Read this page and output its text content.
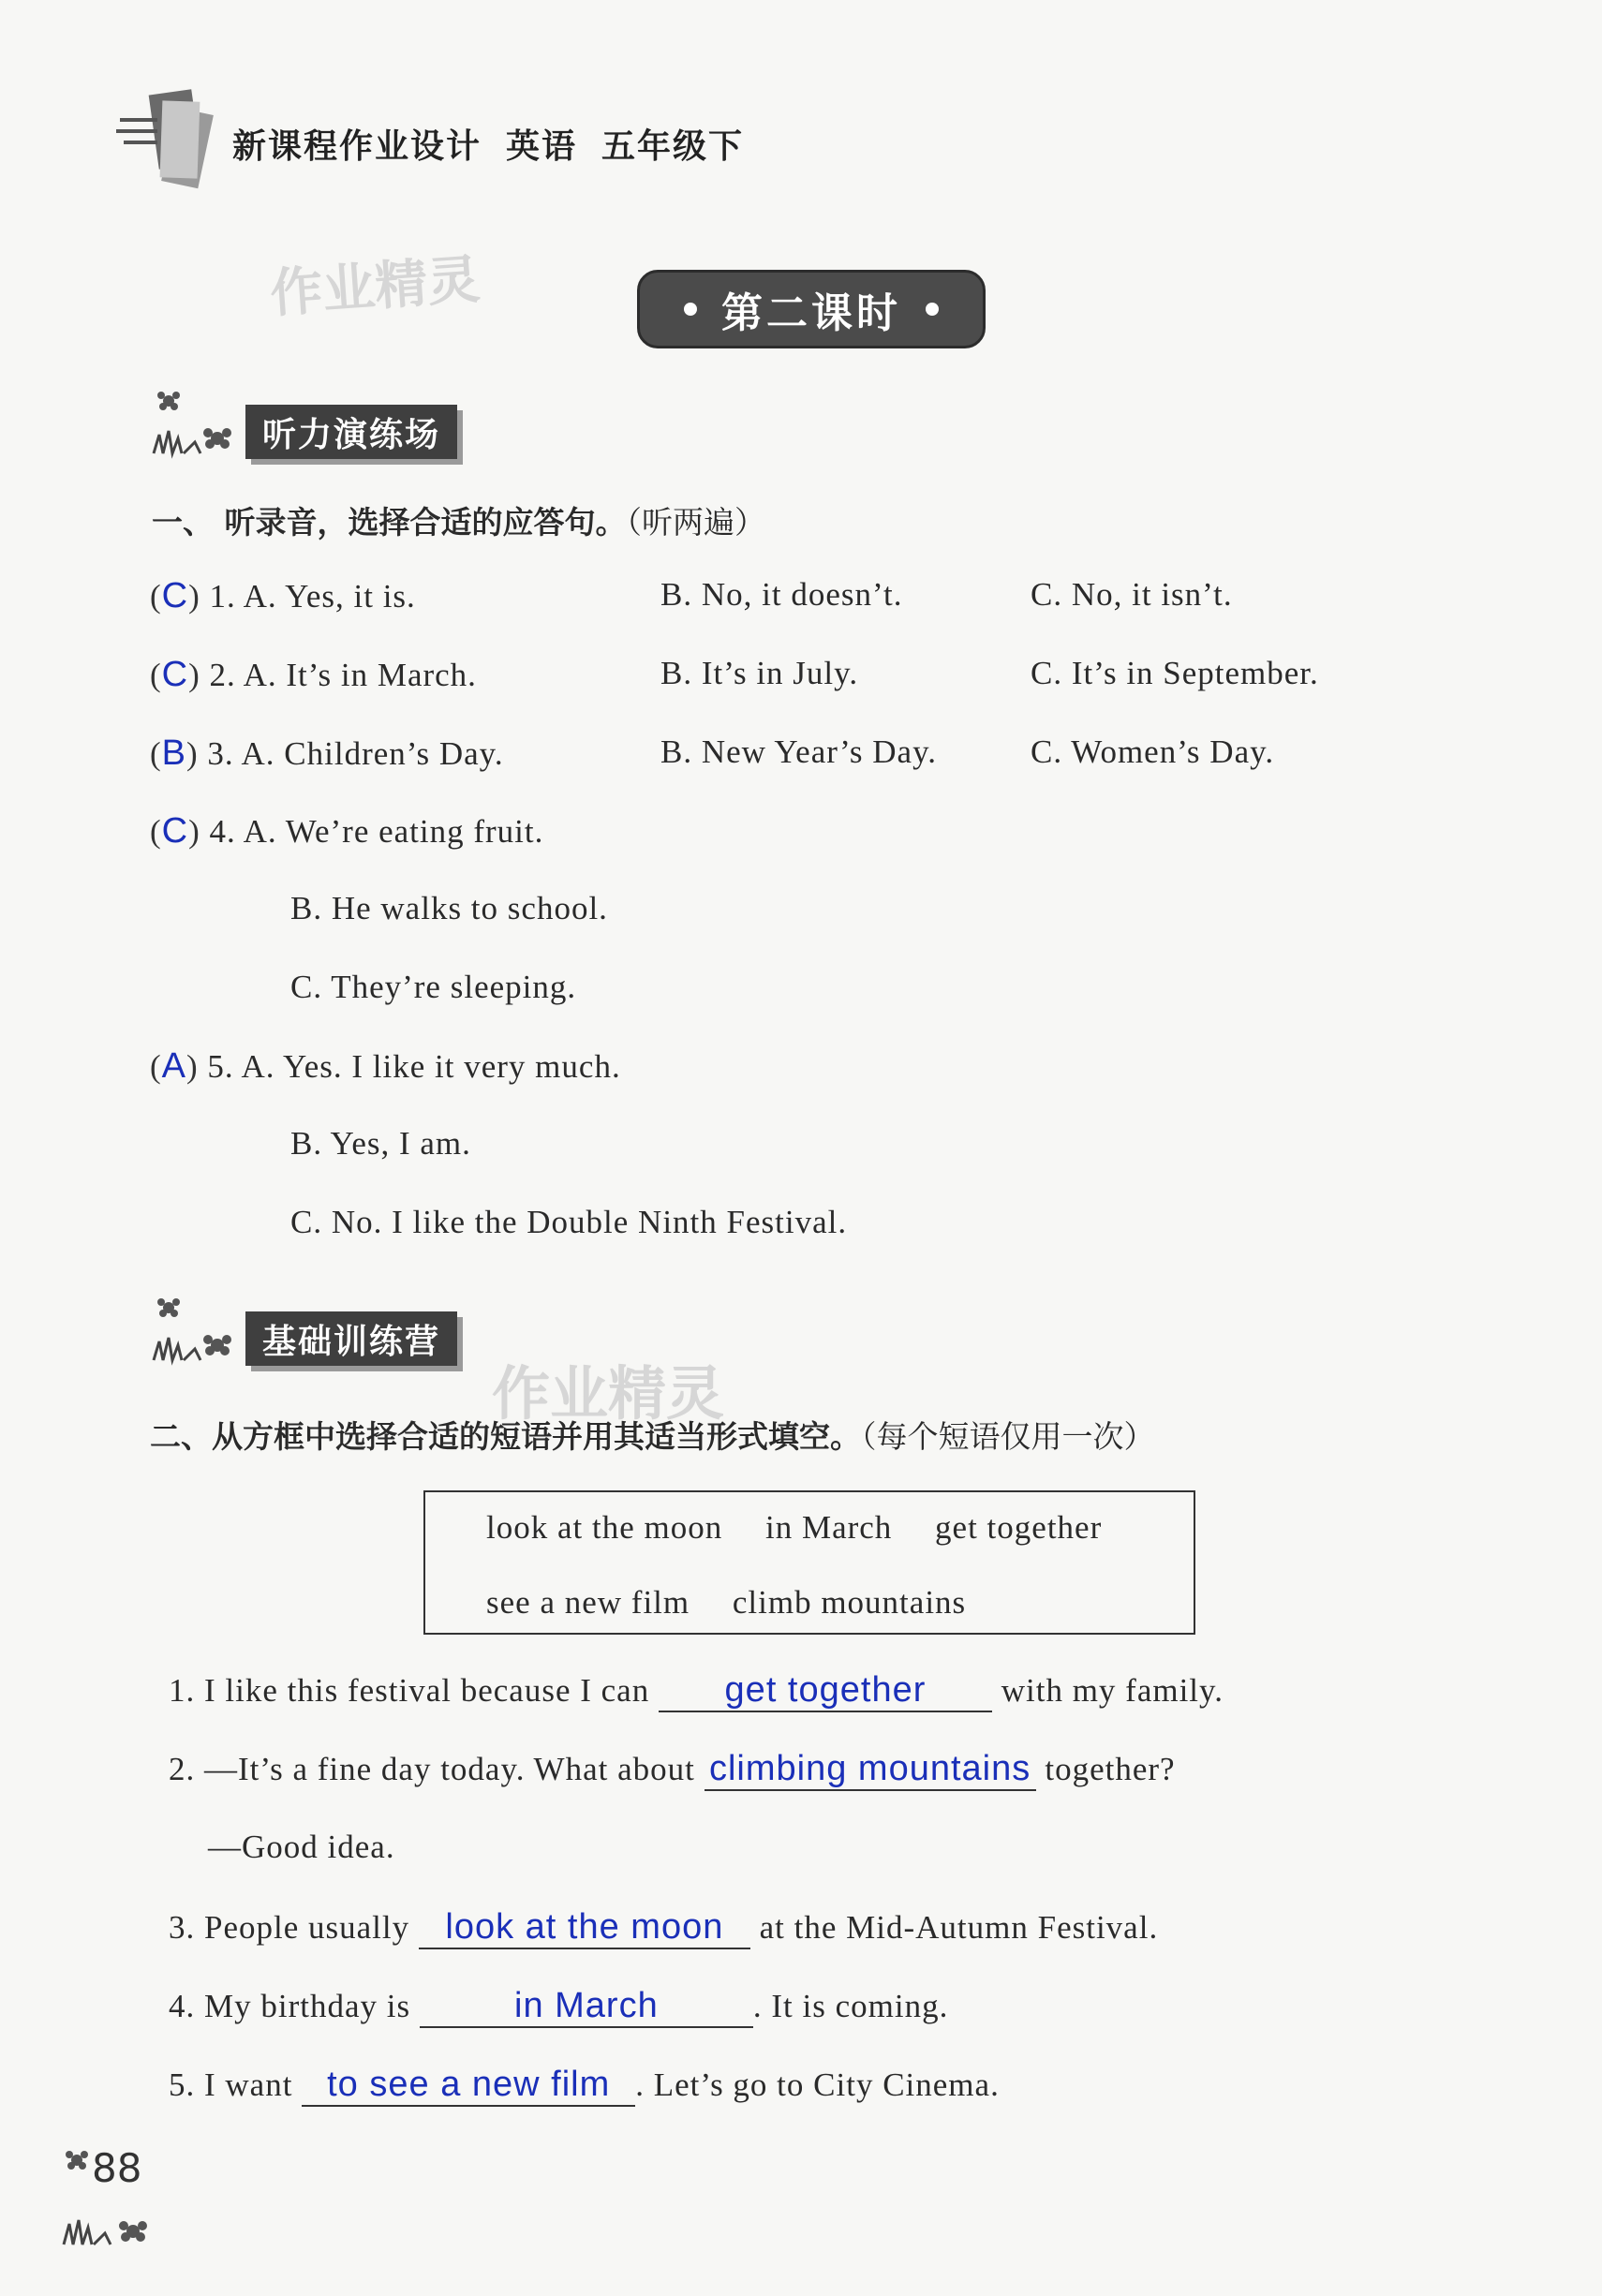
新课程作业设计 英语 五年级下
作业精灵	第二课时
听力演练场
一、 听录音，选择合适的应答句。（听两遍）
(C) 1. A. Yes, it is.	B. No, it doesn’t.	C. No, it isn’t.
(C) 2. A. It’s in March.	B. It’s in July.	C. It’s in September.
(B) 3. A. Children’s Day.	B. New Year’s Day.	C. Women’s Day.
(C) 4. A. We’re eating fruit.
B. He walks to school.
C. They’re sleeping.
(A) 5. A. Yes. I like it very much.
B. Yes, I am.
C. No. I like the Double Ninth Festival.
基础训练营
作业精灵
二、从方框中选择合适的短语并用其适当形式填空。（每个短语仅用一次）
look at the moon in March get together
see a new film climb mountains
1. I like this festival because I can get together with my family.
2. —It’s a fine day today. What about climbing mountains together?
—Good idea.
3. People usually look at the moon at the Mid-Autumn Festival.
4. My birthday is	in March	. It is coming.
5. I want to see a new film . Let’s go to City Cinema.
88
